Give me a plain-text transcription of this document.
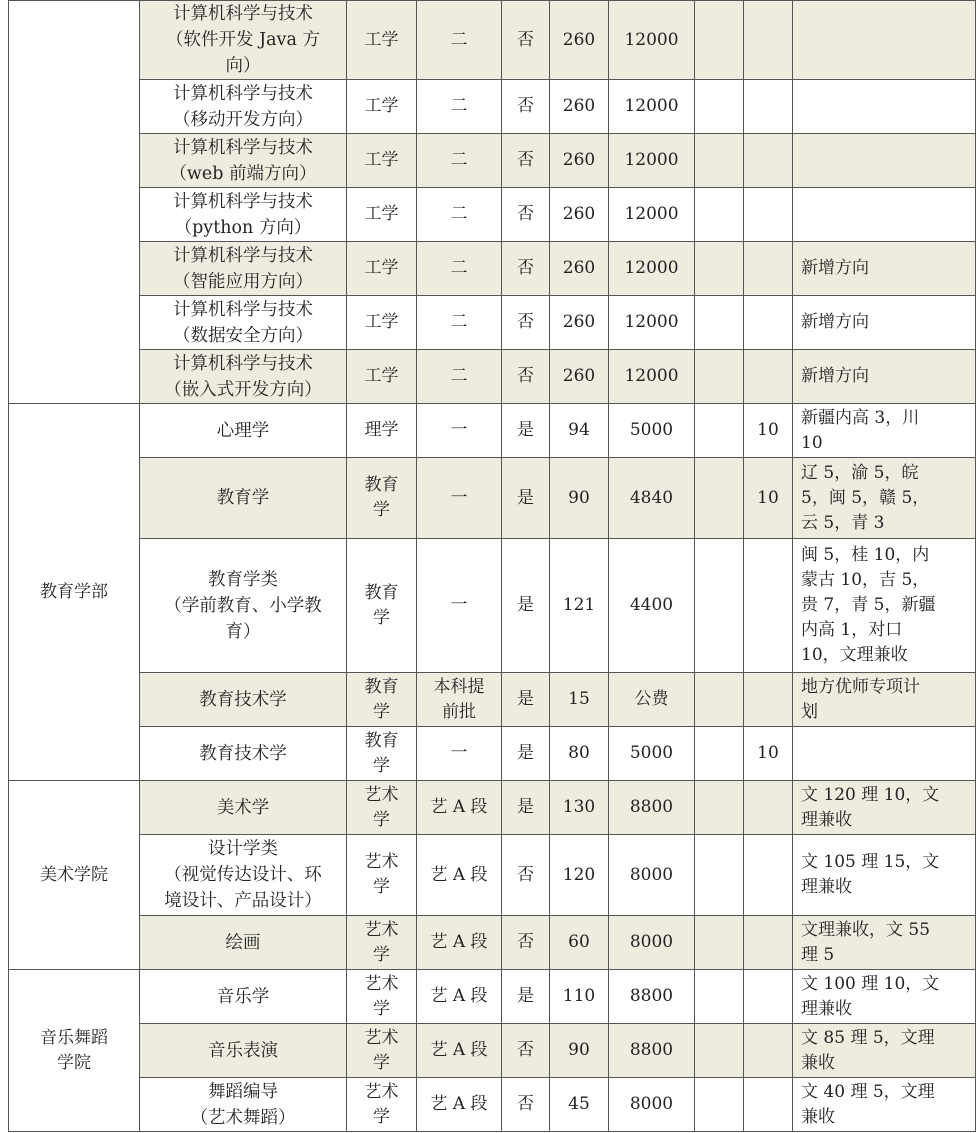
	计算机科学与技术
（软件开发 Java 方
向）	工学	二	否	260	12000			

	计算机科学与技术
（移动开发方向）	工学	二	否	260	12000			

	计算机科学与技术
（web 前端方向）	工学	二	否	260	12000			

	计算机科学与技术
（python 方向）	工学	二	否	260	12000			

	计算机科学与技术
（智能应用方向）	工学	二	否	260	12000			新增方向

	计算机科学与技术
（数据安全方向）	工学	二	否	260	12000			新增方向

	计算机科学与技术
（嵌入式开发方向）	工学	二	否	260	12000			新增方向

教育学部	心理学	理学	一	是	94	5000		10	新疆内高 3，川
10

	教育学	教育
学	一	是	90	4840		10	辽 5，渝 5，皖
5，闽 5，赣 5，
云 5，青 3

	教育学类
（学前教育、小学教
育）	教育
学	一	是	121	4400			闽 5，桂 10，内
蒙古 10，吉 5，
贵 7，青 5，新疆
内高 1，对口
10，文理兼收

	教育技术学	教育
学	本科提
前批	是	15	公费			地方优师专项计
划

	教育技术学	教育
学	一	是	80	5000		10	
美术学院	美术学	艺术
学	艺 A 段	是	130	8800			文 120 理 10，文
理兼收

	设计学类
（视觉传达设计、环
境设计、产品设计）	艺术
学	艺 A 段	否	120	8000			文 105 理 15，文
理兼收

	绘画	艺术
学	艺 A 段	否	60	8000			文理兼收，文 55
理 5

音乐舞蹈
学院	音乐学	艺术
学	艺 A 段	是	110	8800			文 100 理 10，文
理兼收

	音乐表演	艺术
学	艺 A 段	否	90	8800			文 85 理 5，文理
兼收

	舞蹈编导
（艺术舞蹈）	艺术
学	艺 A 段	否	45	8000			文 40 理 5，文理
兼收
